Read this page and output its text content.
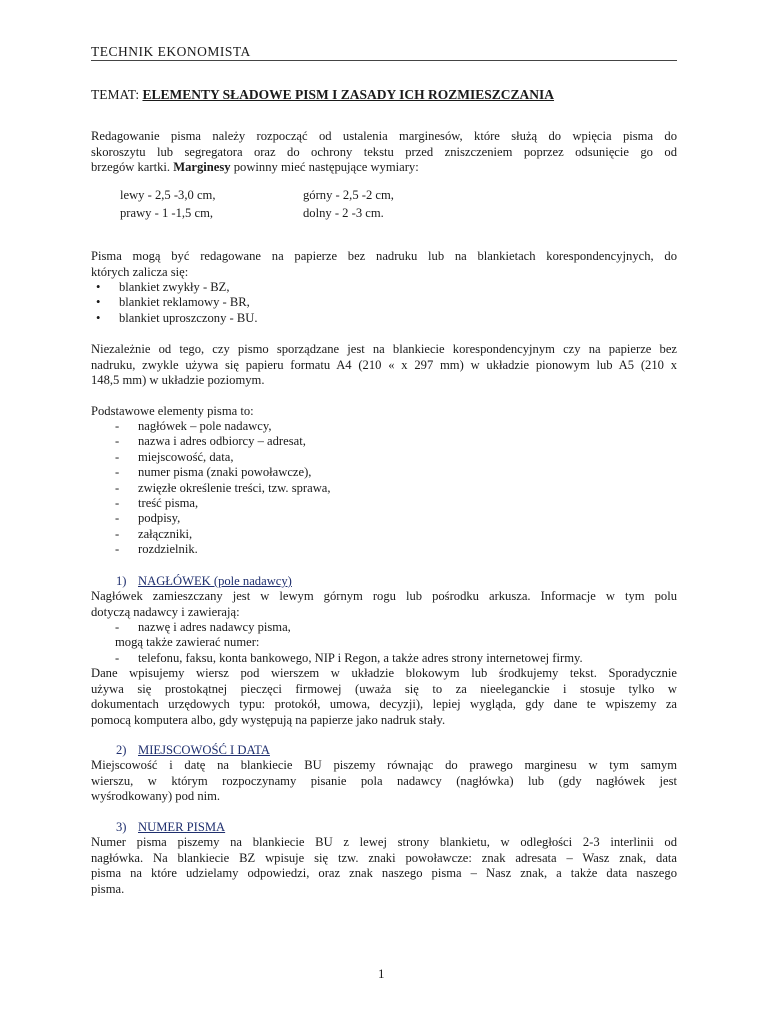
TECHNIK EKONOMISTA
TEMAT: ELEMENTY SŁADOWE PISM I ZASADY ICH ROZMIESZCZANIA
Redagowanie pisma należy rozpocząć od ustalenia marginesów, które służą do wpięcia pisma do
skoroszytu lub segregatora oraz do ochrony tekstu przed zniszczeniem poprzez odsunięcie go od
brzegów kartki. Marginesy powinny mieć następujące wymiary:
lewy - 2,5 -3,0 cm,	górny - 2,5 -2 cm,
prawy - 1 -1,5 cm,	dolny - 2 -3 cm.
Pisma mogą być redagowane na papierze bez nadruku lub na blankietach korespondencyjnych, do
których zalicza się:
• blankiet zwykły - BZ,
• blankiet reklamowy - BR,
• blankiet uproszczony - BU.
Niezależnie od tego, czy pismo sporządzane jest na blankiecie korespondencyjnym czy na papierze bez
nadruku, zwykle używa się papieru formatu A4 (210 « x 297 mm) w układzie pionowym lub A5 (210 x
148,5 mm) w układzie poziomym.
Podstawowe elementy pisma to:
- nagłówek – pole nadawcy,
- nazwa i adres odbiorcy – adresat,
- miejscowość, data,
- numer pisma (znaki powoławcze),
- zwięzłe określenie treści, tzw. sprawa,
- treść pisma,
- podpisy,
- załączniki,
- rozdzielnik.
1) NAGŁÓWEK (pole nadawcy)
Nagłówek zamieszczany jest w lewym górnym rogu lub pośrodku arkusza. Informacje w tym polu
dotyczą nadawcy i zawierają:
- nazwę i adres nadawcy pisma,
mogą także zawierać numer:
- telefonu, faksu, konta bankowego, NIP i Regon, a także adres strony internetowej firmy.
Dane wpisujemy wiersz pod wierszem w układzie blokowym lub środkujemy tekst. Sporadycznie
używa się prostokątnej pieczęci firmowej (uważa się to za nieeleganckie i stosuje tylko w
dokumentach urzędowych typu: protokół, umowa, decyzji), lepiej wygląda, gdy dane te wpiszemy za
pomocą komputera albo, gdy występują na papierze jako nadruk stały.
2) MIEJSCOWOŚĆ I DATA
Miejscowość i datę na blankiecie BU piszemy równając do prawego marginesu w tym samym
wierszu, w którym rozpoczynamy pisanie pola nadawcy (nagłówka) lub (gdy nagłówek jest
wyśrodkowany) pod nim.
3) NUMER PISMA
Numer pisma piszemy na blankiecie BU z lewej strony blankietu, w odległości 2-3 interlinii od
nagłówka. Na blankiecie BZ wpisuje się tzw. znaki powoławcze: znak adresata – Wasz znak, data
pisma na które udzielamy odpowiedzi, oraz znak naszego pisma – Nasz znak, a także data naszego
pisma.
1
